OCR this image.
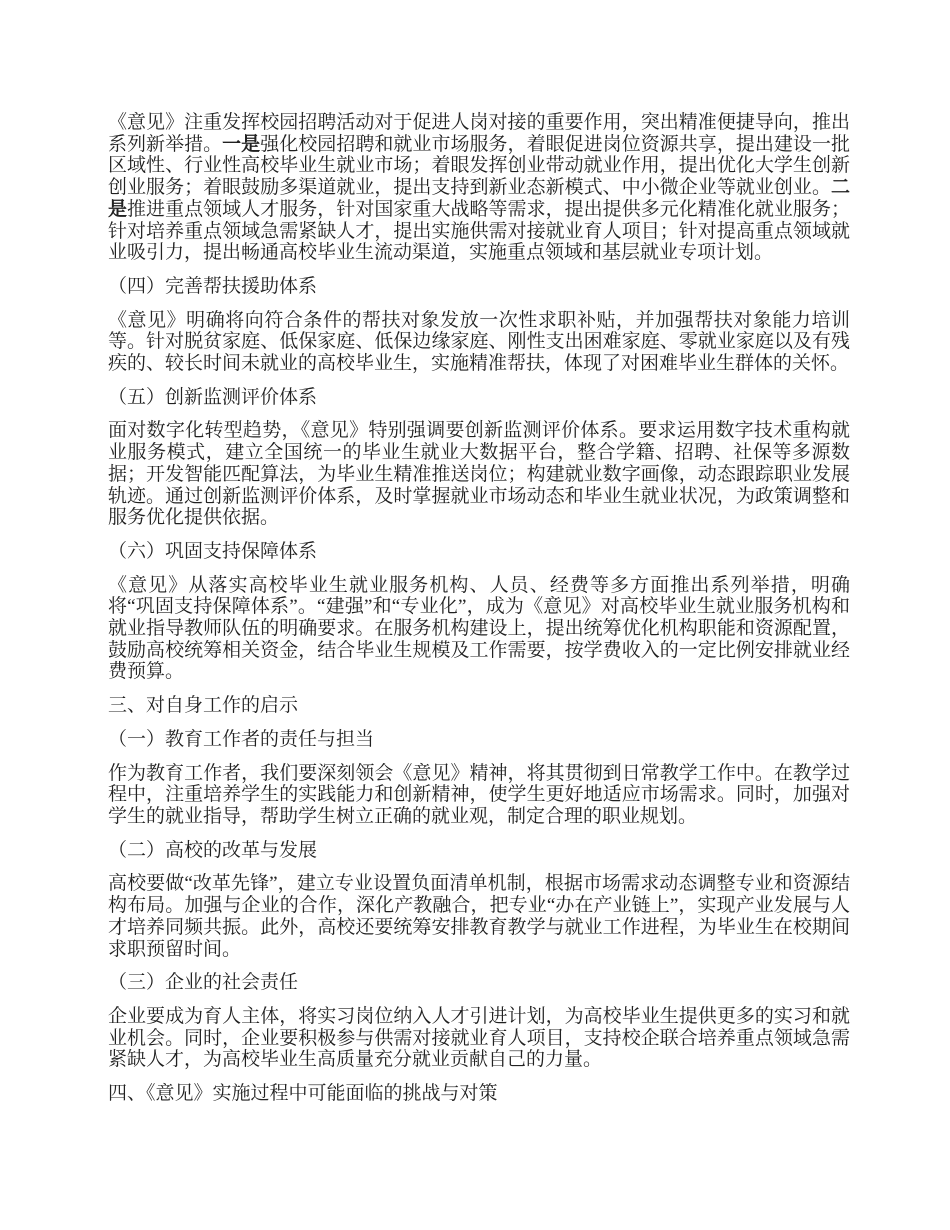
《意见》注重发挥校园招聘活动对于促进人岗对接的重要作用，突出精准便捷导向，推出系列新举措。一是强化校园招聘和就业市场服务，着眼促进岗位资源共享，提出建设一批区域性、行业性高校毕业生就业市场；着眼发挥创业带动就业作用，提出优化大学生创新创业服务；着眼鼓励多渠道就业，提出支持到新业态新模式、中小微企业等就业创业。二是推进重点领域人才服务，针对国家重大战略等需求，提出提供多元化精准化就业服务；针对培养重点领域急需紧缺人才，提出实施供需对接就业育人项目；针对提高重点领域就业吸引力，提出畅通高校毕业生流动渠道，实施重点领域和基层就业专项计划。

（四）完善帮扶援助体系

《意见》明确将向符合条件的帮扶对象发放一次性求职补贴，并加强帮扶对象能力培训等。针对脱贫家庭、低保家庭、低保边缘家庭、刚性支出困难家庭、零就业家庭以及有残疾的、较长时间未就业的高校毕业生，实施精准帮扶，体现了对困难毕业生群体的关怀。

（五）创新监测评价体系

面对数字化转型趋势，《意见》特别强调要创新监测评价体系。要求运用数字技术重构就业服务模式，建立全国统一的毕业生就业大数据平台，整合学籍、招聘、社保等多源数据；开发智能匹配算法，为毕业生精准推送岗位；构建就业数字画像，动态跟踪职业发展轨迹。通过创新监测评价体系，及时掌握就业市场动态和毕业生就业状况，为政策调整和服务优化提供依据。

（六）巩固支持保障体系

《意见》从落实高校毕业生就业服务机构、人员、经费等多方面推出系列举措，明确将“巩固支持保障体系”。“建强”和“专业化”，成为《意见》对高校毕业生就业服务机构和就业指导教师队伍的明确要求。在服务机构建设上，提出统筹优化机构职能和资源配置，鼓励高校统筹相关资金，结合毕业生规模及工作需要，按学费收入的一定比例安排就业经费预算。

三、对自身工作的启示
（一）教育工作者的责任与担当

作为教育工作者，我们要深刻领会《意见》精神，将其贯彻到日常教学工作中。在教学过程中，注重培养学生的实践能力和创新精神，使学生更好地适应市场需求。同时，加强对学生的就业指导，帮助学生树立正确的就业观，制定合理的职业规划。

（二）高校的改革与发展

高校要做“改革先锋”，建立专业设置负面清单机制，根据市场需求动态调整专业和资源结构布局。加强与企业的合作，深化产教融合，把专业“办在产业链上”，实现产业发展与人才培养同频共振。此外，高校还要统筹安排教育教学与就业工作进程，为毕业生在校期间求职预留时间。

（三）企业的社会责任

企业要成为育人主体，将实习岗位纳入人才引进计划，为高校毕业生提供更多的实习和就业机会。同时，企业要积极参与供需对接就业育人项目，支持校企联合培养重点领域急需紧缺人才，为高校毕业生高质量充分就业贡献自己的力量。

四、《意见》实施过程中可能面临的挑战与对策
